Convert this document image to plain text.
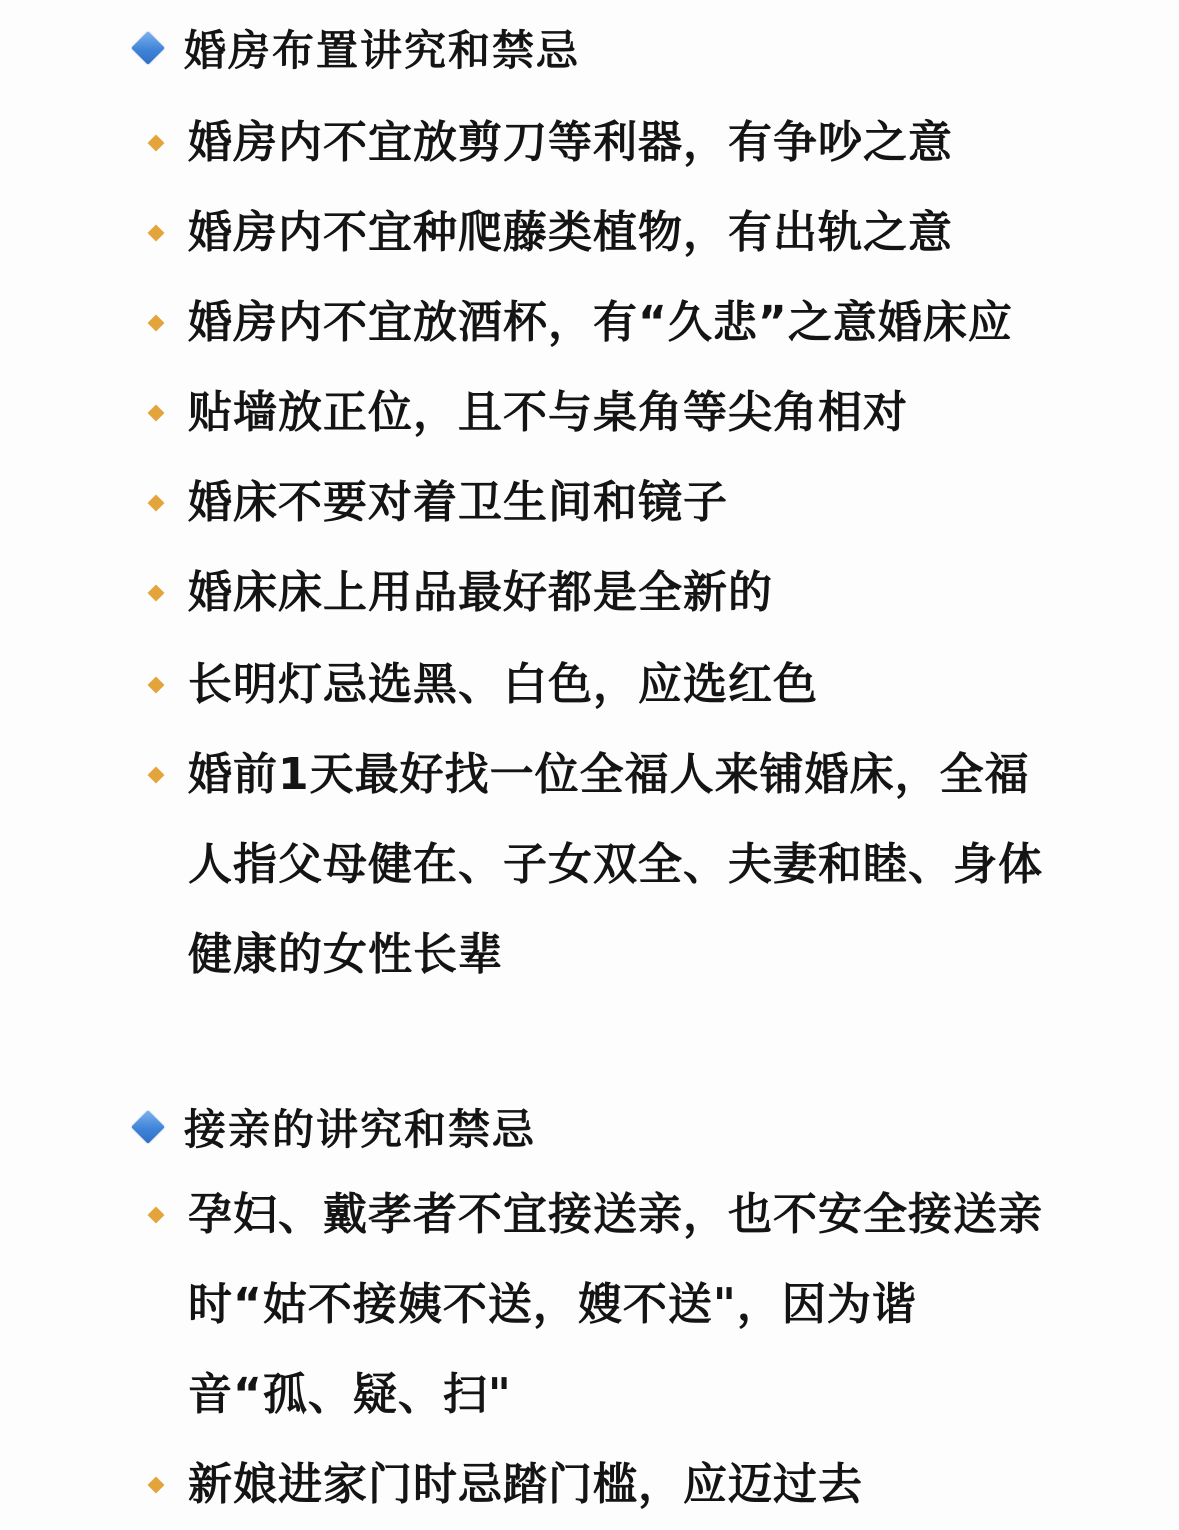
婚房布置讲究和禁忌
婚房内不宜放剪刀等利器，有争吵之意
婚房内不宜种爬藤类植物，有出轨之意
婚房内不宜放酒杯，有“久悲”之意婚床应
贴墙放正位，且不与桌角等尖角相对
婚床不要对着卫生间和镜子
婚床床上用品最好都是全新的
长明灯忌选黑、白色，应选红色
婚前1天最好找一位全福人来铺婚床，全福
人指父母健在、子女双全、夫妻和睦、身体
健康的女性长辈
接亲的讲究和禁忌
孕妇、戴孝者不宜接送亲，也不安全接送亲
时“姑不接姨不送，嫂不送"，因为谐
音“孤、疑、扫"
新娘进家门时忌踏门槛，应迈过去
